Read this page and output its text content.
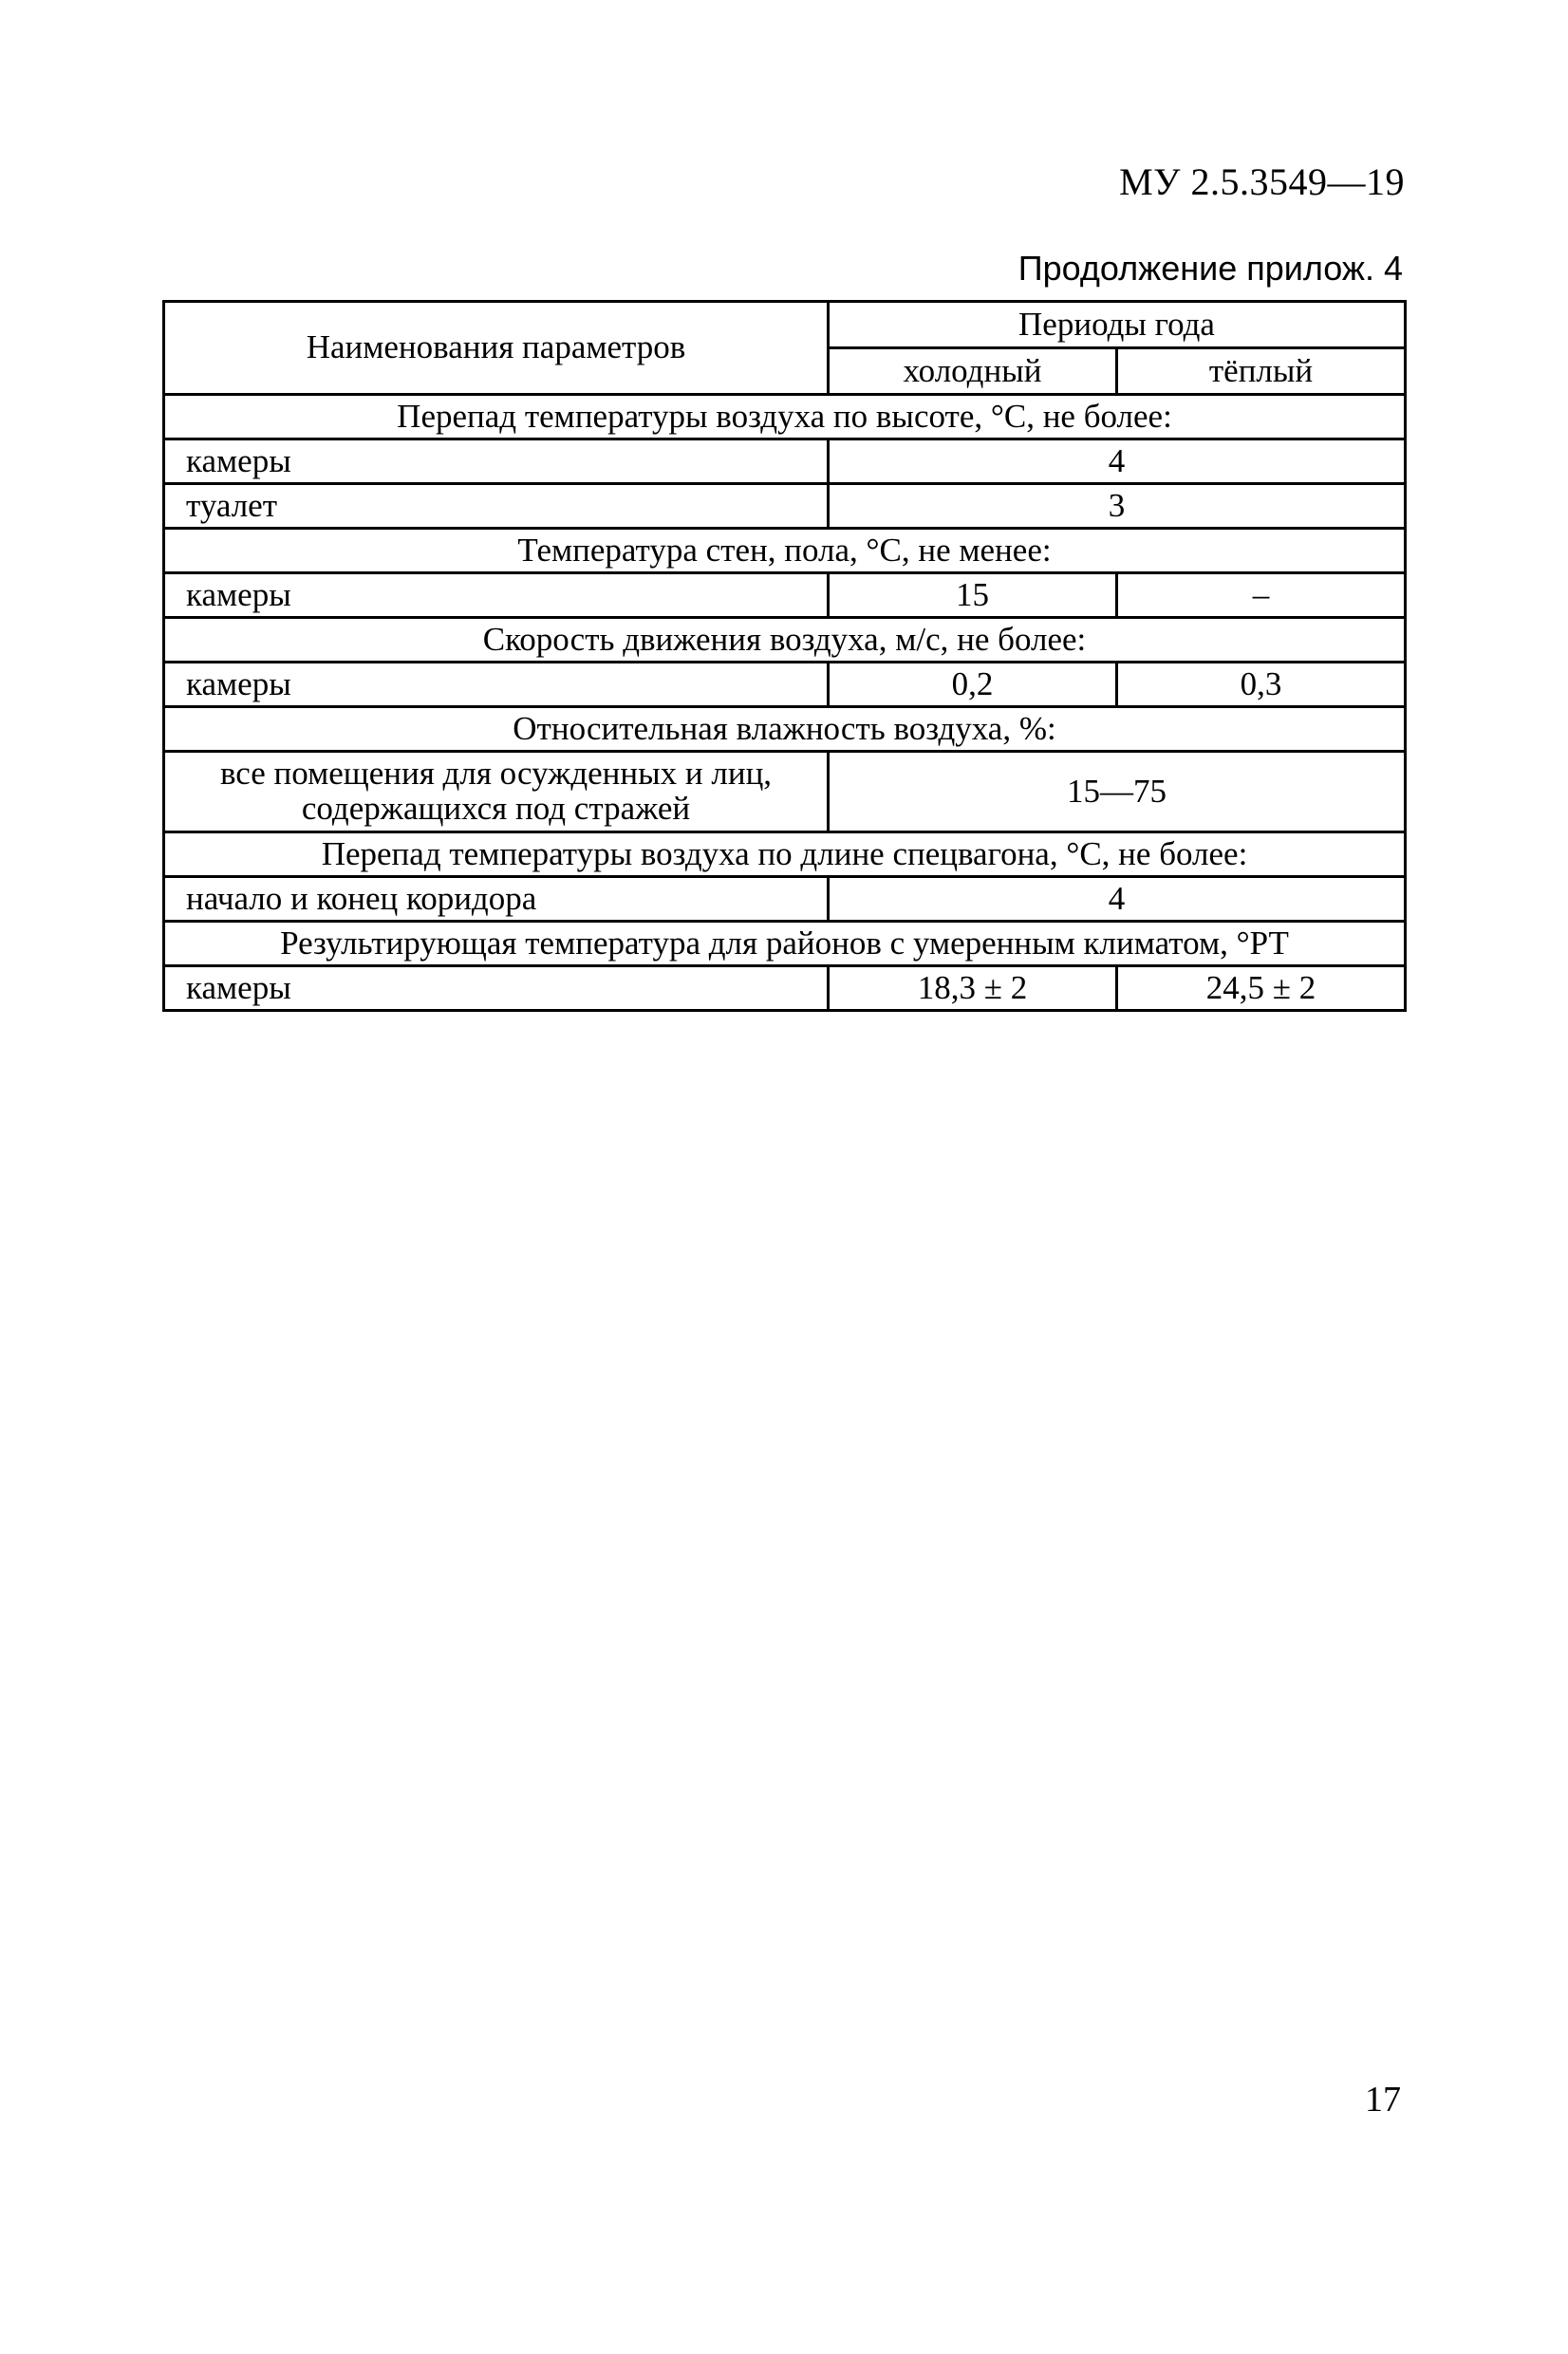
МУ 2.5.3549—19
Продолжение прилож. 4
Наименования параметров	Периоды года	
	холодный	тёплый
Перепад температуры воздуха по высоте, °С, не более:		
камеры	4	
туалет	3	
Температура стен, пола, °С, не менее:		
камеры	15	–
Скорость движения воздуха, м/с, не более:		
камеры	0,2	0,3
Относительная влажность воздуха, %:		
все помещения для осужденных и лиц, содержащихся под стражей	15—75	
Перепад температуры воздуха по длине спецвагона, °С, не более:		
начало и конец коридора	4	
Результирующая температура для районов с умеренным климатом, °РТ		
камеры	18,3 ± 2	24,5 ± 2
17
